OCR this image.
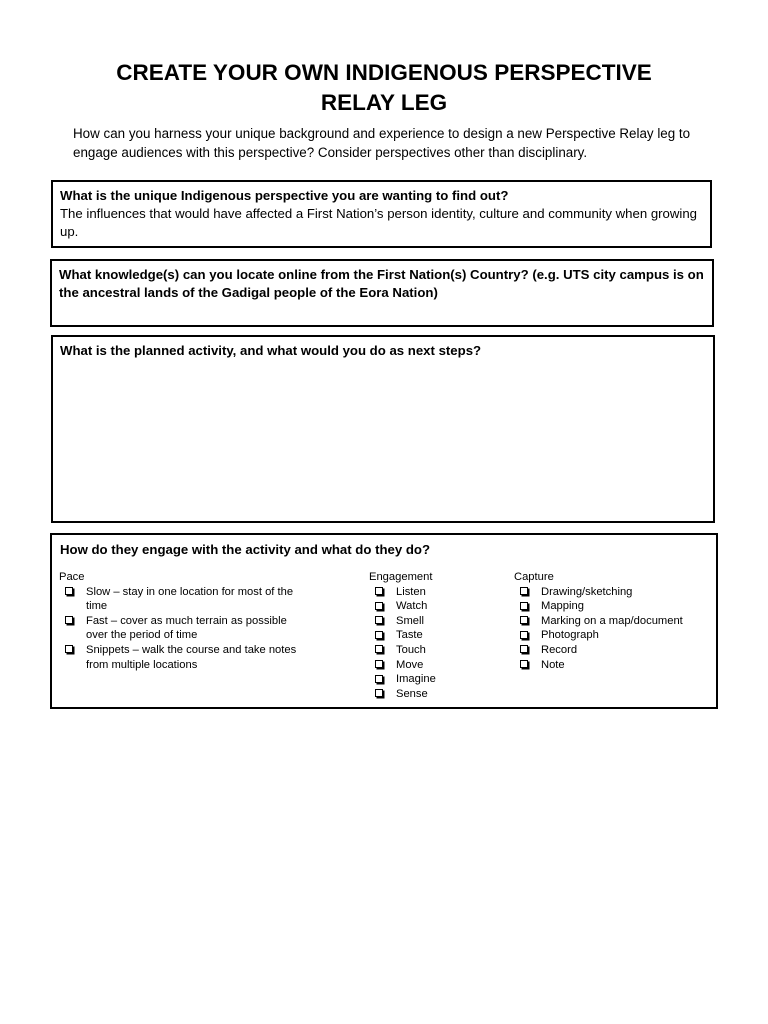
CREATE YOUR OWN INDIGENOUS PERSPECTIVE
RELAY LEG
How can you harness your unique background and experience to design a new Perspective Relay leg to engage audiences with this perspective? Consider perspectives other than disciplinary.
What is the unique Indigenous perspective you are wanting to find out?
The influences that would have affected a First Nation’s person identity, culture and community when growing up.
What knowledge(s) can you locate online from the First Nation(s) Country? (e.g. UTS city campus is on the ancestral lands of the Gadigal people of the Eora Nation)
What is the planned activity, and what would you do as next steps?
How do they engage with the activity and what do they do?
Pace
Slow – stay in one location for most of the time
Fast – cover as much terrain as possible over the period of time
Snippets – walk the course and take notes from multiple locations
Engagement
Listen
Watch
Smell
Taste
Touch
Move
Imagine
Sense
Capture
Drawing/sketching
Mapping
Marking on a map/document
Photograph
Record
Note
